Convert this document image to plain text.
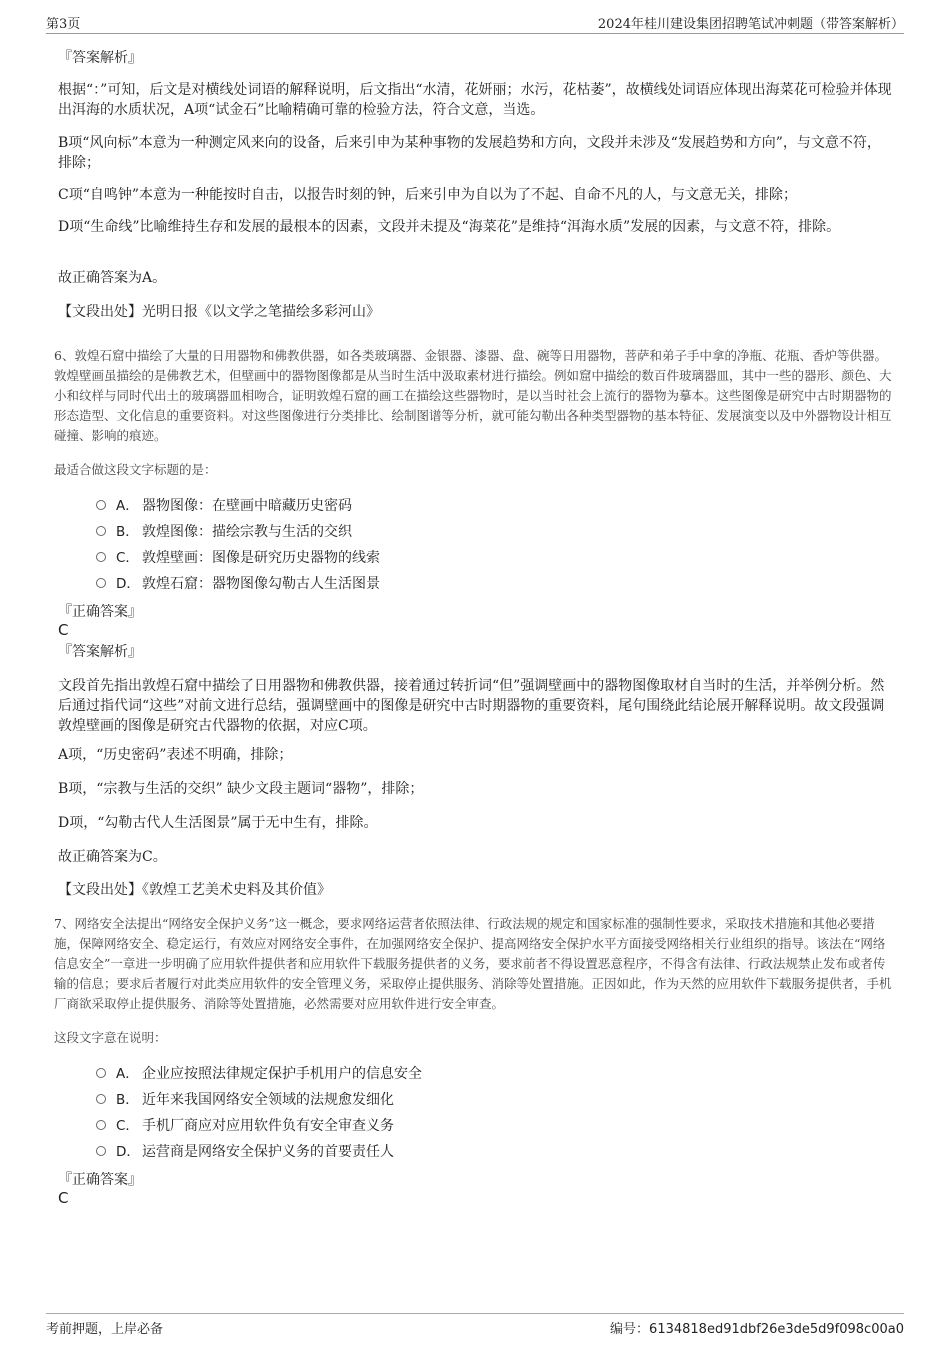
第3页	2024年桂川建设集团招聘笔试冲刺题（带答案解析）
『答案解析』

根据“：”可知，后文是对横线处词语的解释说明，后文指出“水清，花妍丽；水污，花枯萎”，故横线处词语应体现出海菜花可检验并体现出洱海的水质状况，A项“试金石”比喻精确可靠的检验方法，符合文意，当选。

B项“风向标”本意为一种测定风来向的设备，后来引申为某种事物的发展趋势和方向，文段并未涉及“发展趋势和方向”，与文意不符，排除；

C项“自鸣钟”本意为一种能按时自击，以报告时刻的钟，后来引申为自以为了不起、自命不凡的人，与文意无关，排除；

D项“生命线”比喻维持生存和发展的最根本的因素，文段并未提及“海菜花”是维持“洱海水质”发展的因素，与文意不符，排除。

故正确答案为A。

【文段出处】光明日报《以文学之笔描绘多彩河山》

6、敦煌石窟中描绘了大量的日用器物和佛教供器，如各类玻璃器、金银器、漆器、盘、碗等日用器物，菩萨和弟子手中拿的净瓶、花瓶、香炉等供器。敦煌壁画虽描绘的是佛教艺术，但壁画中的器物图像都是从当时生活中汲取素材进行描绘。例如窟中描绘的数百件玻璃器皿，其中一些的器形、颜色、大小和纹样与同时代出土的玻璃器皿相吻合，证明敦煌石窟的画工在描绘这些器物时，是以当时社会上流行的器物为摹本。这些图像是研究中古时期器物的形态造型、文化信息的重要资料。对这些图像进行分类排比、绘制图谱等分析，就可能勾勒出各种类型器物的基本特征、发展演变以及中外器物设计相互碰撞、影响的痕迹。

最适合做这段文字标题的是：

A． 器物图像：在壁画中暗藏历史密码
B． 敦煌图像：描绘宗教与生活的交织
C． 敦煌壁画：图像是研究历史器物的线索
D． 敦煌石窟：器物图像勾勒古人生活图景
『正确答案』
C
『答案解析』

文段首先指出敦煌石窟中描绘了日用器物和佛教供器，接着通过转折词“但”强调壁画中的器物图像取材自当时的生活，并举例分析。然后通过指代词“这些”对前文进行总结，强调壁画中的图像是研究中古时期器物的重要资料，尾句围绕此结论展开解释说明。故文段强调敦煌壁画的图像是研究古代器物的依据，对应C项。

A项，“历史密码”表述不明确，排除；

B项，“宗教与生活的交织” 缺少文段主题词“器物”，排除；

D项，“勾勒古代人生活图景”属于无中生有，排除。

故正确答案为C。

【文段出处】《敦煌工艺美术史料及其价值》

7、网络安全法提出“网络安全保护义务”这一概念，要求网络运营者依照法律、行政法规的规定和国家标准的强制性要求，采取技术措施和其他必要措施，保障网络安全、稳定运行，有效应对网络安全事件，在加强网络安全保护、提高网络安全保护水平方面接受网络相关行业组织的指导。该法在“网络信息安全”一章进一步明确了应用软件提供者和应用软件下载服务提供者的义务，要求前者不得设置恶意程序，不得含有法律、行政法规禁止发布或者传输的信息；要求后者履行对此类应用软件的安全管理义务，采取停止提供服务、消除等处置措施。正因如此，作为天然的应用软件下载服务提供者，手机厂商欲采取停止提供服务、消除等处置措施，必然需要对应用软件进行安全审查。

这段文字意在说明：

A． 企业应按照法律规定保护手机用户的信息安全
B． 近年来我国网络安全领域的法规愈发细化
C． 手机厂商应对应用软件负有安全审查义务
D． 运营商是网络安全保护义务的首要责任人
『正确答案』
C
考前押题，上岸必备	编号：6134818ed91dbf26e3de5d9f098c00a0
